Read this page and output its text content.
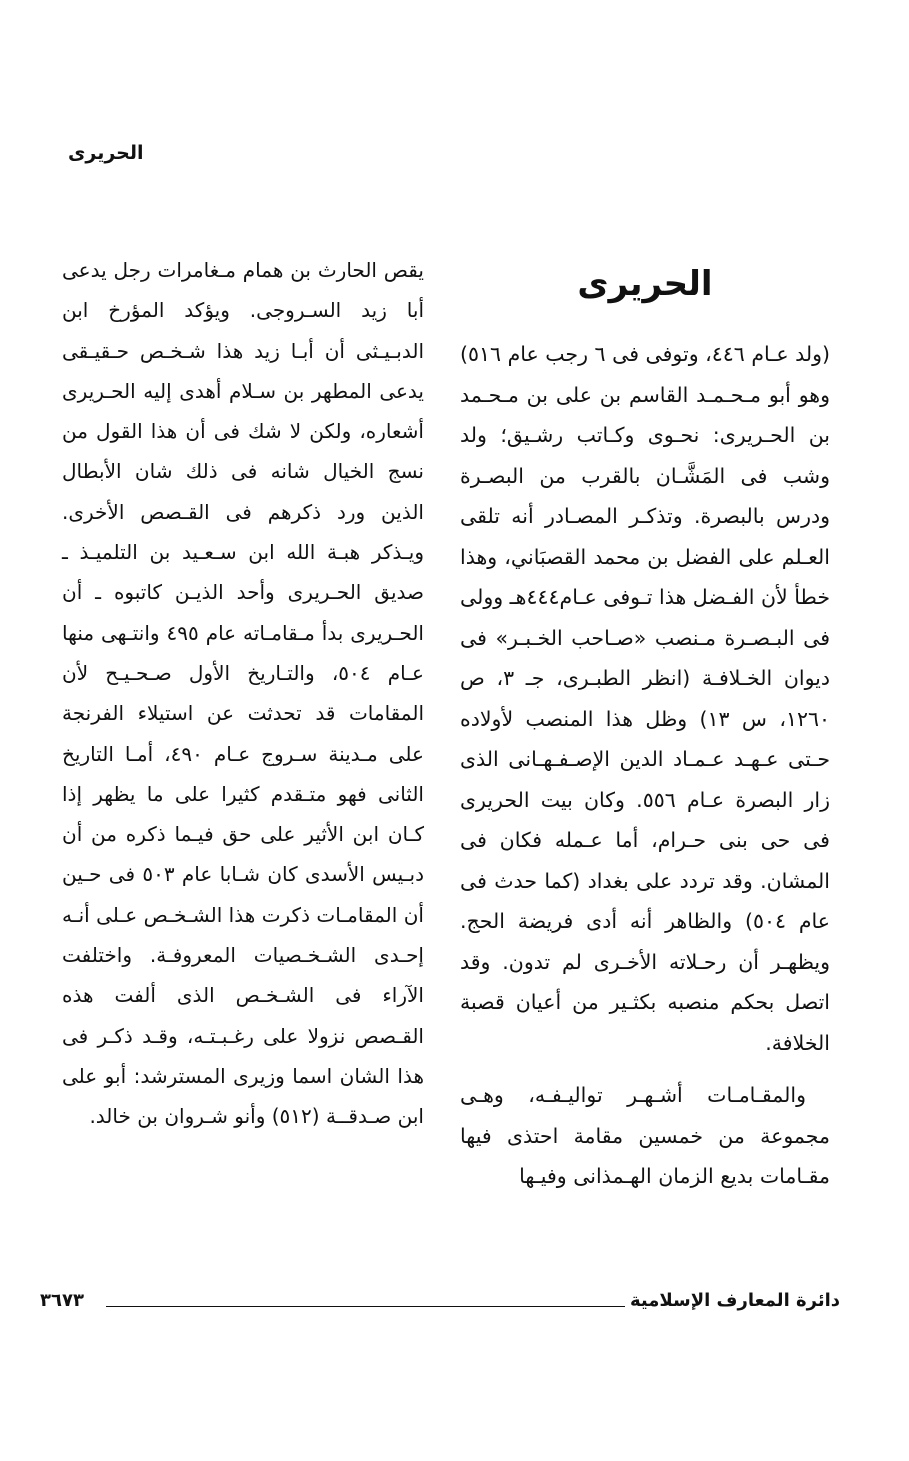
الحريرى
الحريرى

(ولد عـام ٤٤٦، وتوفى فى ٦ رجب عام ٥١٦) وهو أبو مـحـمـد القاسم بن على بن مـحـمد بن الحـريرى: نحـوى وكـاتب رشـيق؛ ولد وشب فى المَشَّـان بالقرب من البصـرة ودرس بالبصرة. وتذكـر المصـادر أنه تلقى العـلم على الفضل بن محمد القصبَاني، وهذا خطأ لأن الفـضل هذا تـوفى عـام٤٤٤هـ وولى فى البـصـرة مـنصب «صـاحب الخـبـر» فى ديوان الخـلافـة (انظر الطبـرى، جـ ٣، ص ١٢٦٠، س ١٣) وظل هذا المنصب لأولاده حـتى عـهـد عـمـاد الدين الإصـفـهـانى الذى زار البصرة عـام ٥٥٦. وكان بيت الحريرى فى حى بنى حـرام، أما عـمله فكان فى المشان. وقد تردد على بغداد (كما حدث فى عام ٥٠٤) والظاهر أنه أدى فريضة الحج. ويظهـر أن رحـلاته الأخـرى لم تدون. وقد اتصل بحكم منصبه بكثـير من أعيان قصبة الخلافة.

والمقـامـات أشـهـر تواليـفـه، وهـى مجموعة من خمسين مقامة احتذى فيها مقـامات بديع الزمان الهـمذانى وفيـها

يقص الحارث بن همام مـغامرات رجل يدعى أبا زيد السـروجى. ويؤكد المؤرخ ابن الدبـيـثى أن أبـا زيد هذا شـخـص حـقيـقى يدعى المطهر بن سـلام أهدى إليه الحـريرى أشعاره، ولكن لا شك فى أن هذا القول من نسج الخيال شانه فى ذلك شان الأبطال الذين ورد ذكرهم فى القـصص الأخرى. ويـذكر هبـة الله ابن سـعـيد بن التلميـذ ـ صديق الحـريرى وأحد الذيـن كاتبوه ـ أن الحـريرى بدأ مـقامـاته عام ٤٩٥ وانتـهى منها عـام ٥٠٤، والتـاريخ الأول صـحـيـح لأن المقامات قد تحدثت عن استيلاء الفرنجة على مـدينة سـروج عـام ٤٩٠، أمـا التاريخ الثانى فهو متـقدم كثيرا على ما يظهر إذا كـان ابن الأثير على حق فيـما ذكره من أن دبـيس الأسدى كان شـابا عام ٥٠٣ فى حـين أن المقامـات ذكرت هذا الشـخـص عـلى أنـه إحـدى الشـخـصيات المعروفـة. واختلفت الآراء فى الشـخـص الذى ألفت هذه القـصص نزولا على رغـبـتـه، وقـد ذكـر فى هذا الشان اسما وزيرى المسترشد: أبو على ابن صـدقــة (٥١٢) وأنو شـروان بن خالد.

دائرة المعارف الإسلامية
٣٦٧٣
